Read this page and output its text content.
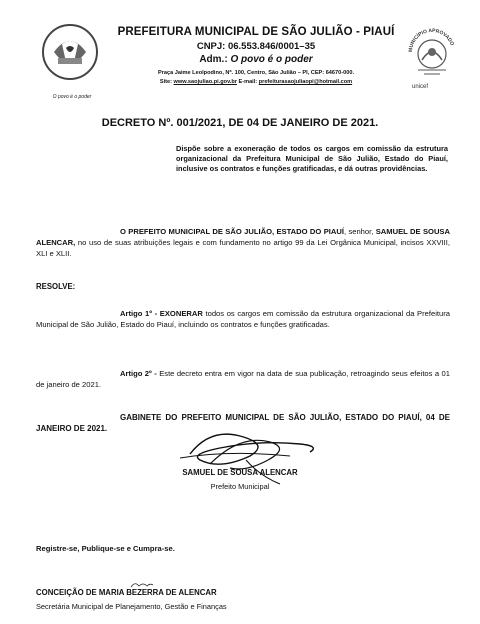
O povo é o poder
PREFEITURA MUNICIPAL DE SÃO JULIÃO - PIAUÍ
CNPJ: 06.553.846/0001–35
Adm.: O povo é o poder
Praça Jaime Leolpodino, Nº. 100, Centro, São Julião – PI, CEP: 64670-000.
Site: www.saojuliao.pi.gov.br E-mail: prefeiturasaojuliaopi@hotmail.com
MUNICÍPIO APROVADO
unicef
DECRETO Nº. 001/2021, DE 04 DE JANEIRO DE 2021.
Dispõe sobre a exoneração de todos os cargos em comissão da estrutura organizacional da Prefeitura Municipal de São Julião, Estado do Piauí, inclusive os contratos e funções gratificadas, e dá outras providências.
O PREFEITO MUNICIPAL DE SÃO JULIÃO, ESTADO DO PIAUÍ, senhor, SAMUEL DE SOUSA ALENCAR, no uso de suas atribuições legais e com fundamento no artigo 99 da Lei Orgânica Municipal, incisos XXVIII, XLI e XLII.
RESOLVE:
Artigo 1º - EXONERAR todos os cargos em comissão da estrutura organizacional da Prefeitura Municipal de São Julião, Estado do Piauí, incluindo os contratos e funções gratificadas.
Artigo 2º - Este decreto entra em vigor na data de sua publicação, retroagindo seus efeitos a 01 de janeiro de 2021.
GABINETE DO PREFEITO MUNICIPAL DE SÃO JULIÃO, ESTADO DO PIAUÍ, 04 DE JANEIRO DE 2021.
SAMUEL DE SOUSA ALENCAR
Prefeito Municipal
Registre-se, Publique-se e Cumpra-se.
CONCEIÇÃO DE MARIA BEZERRA DE ALENCAR
Secretária Municipal de Planejamento, Gestão e Finanças
